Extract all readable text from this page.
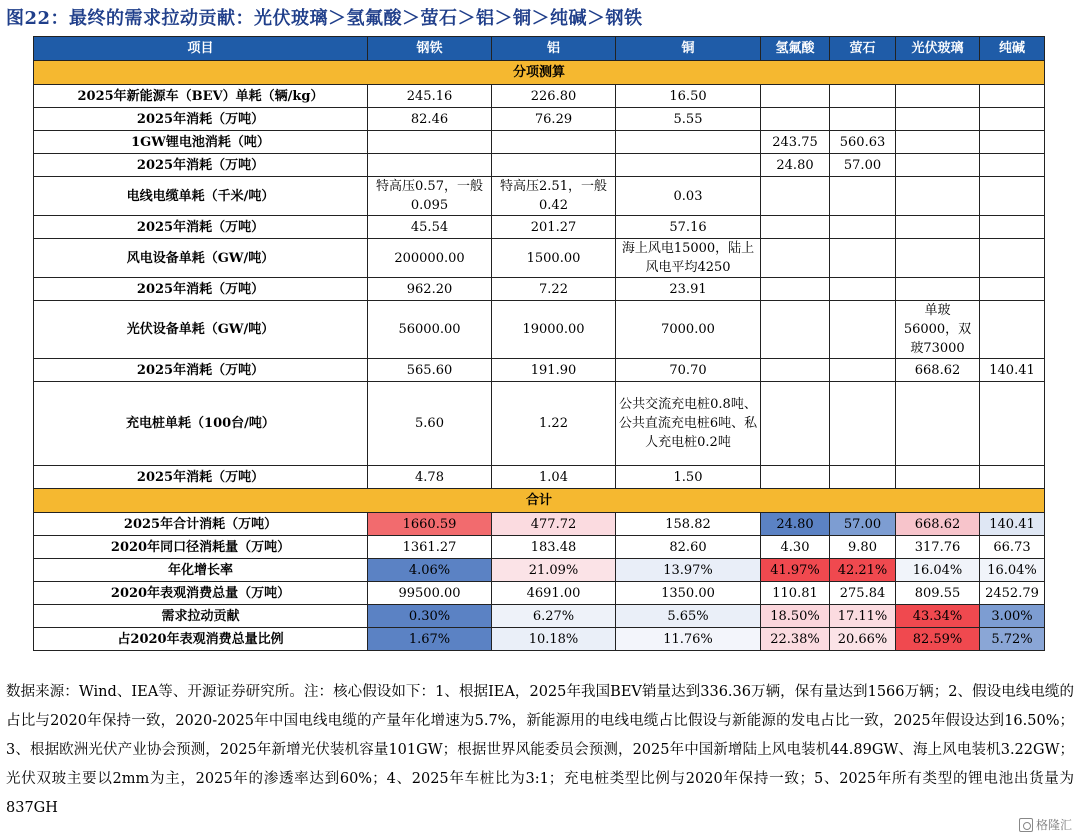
图22：最终的需求拉动贡献：光伏玻璃＞氢氟酸＞萤石＞铝＞铜＞纯碱＞钢铁
项目	钢铁	铝	铜	氢氟酸	萤石	光伏玻璃	纯碱
分项测算							
2025年新能源车（BEV）单耗（辆/kg）	245.16	226.80	16.50				
2025年消耗（万吨）	82.46	76.29	5.55				
1GW锂电池消耗（吨）				243.75	560.63		
2025年消耗（万吨）				24.80	57.00		
电线电缆单耗（千米/吨）	特高压0.57，一般0.095	特高压2.51，一般0.42	0.03				
2025年消耗（万吨）	45.54	201.27	57.16				
风电设备单耗（GW/吨）	200000.00	1500.00	海上风电15000，陆上风电平均4250				
2025年消耗（万吨）	962.20	7.22	23.91				
光伏设备单耗（GW/吨）	56000.00	19000.00	7000.00			单玻56000，双玻73000	
2025年消耗（万吨）	565.60	191.90	70.70			668.62	140.41
充电桩单耗（100台/吨）	5.60	1.22	公共交流充电桩0.8吨、公共直流充电桩6吨、私人充电桩0.2吨				
2025年消耗（万吨）	4.78	1.04	1.50				
合计							
2025年合计消耗（万吨）	1660.59	477.72	158.82	24.80	57.00	668.62	140.41
2020年同口径消耗量（万吨）	1361.27	183.48	82.60	4.30	9.80	317.76	66.73
年化增长率	4.06%	21.09%	13.97%	41.97%	42.21%	16.04%	16.04%
2020年表观消费总量（万吨）	99500.00	4691.00	1350.00	110.81	275.84	809.55	2452.79
需求拉动贡献	0.30%	6.27%	5.65%	18.50%	17.11%	43.34%	3.00%
占2020年表观消费总量比例	1.67%	10.18%	11.76%	22.38%	20.66%	82.59%	5.72%
数据来源：Wind、IEA等、开源证券研究所。注：核心假设如下：1、根据IEA，2025年我国BEV销量达到336.36万辆，保有量达到1566万辆；2、假设电线电缆的占比与2020年保持一致，2020-2025年中国电线电缆的产量年化增速为5.7%，新能源用的电线电缆占比假设与新能源的发电占比一致，2025年假设达到16.50%；3、根据欧洲光伏产业协会预测，2025年新增光伏装机容量101GW；根据世界风能委员会预测，2025年中国新增陆上风电装机44.89GW、海上风电装机3.22GW；光伏双玻主要以2mm为主，2025年的渗透率达到60%；4、2025年车桩比为3:1；充电桩类型比例与2020年保持一致；5、2025年所有类型的锂电池出货量为837GH
格隆汇
